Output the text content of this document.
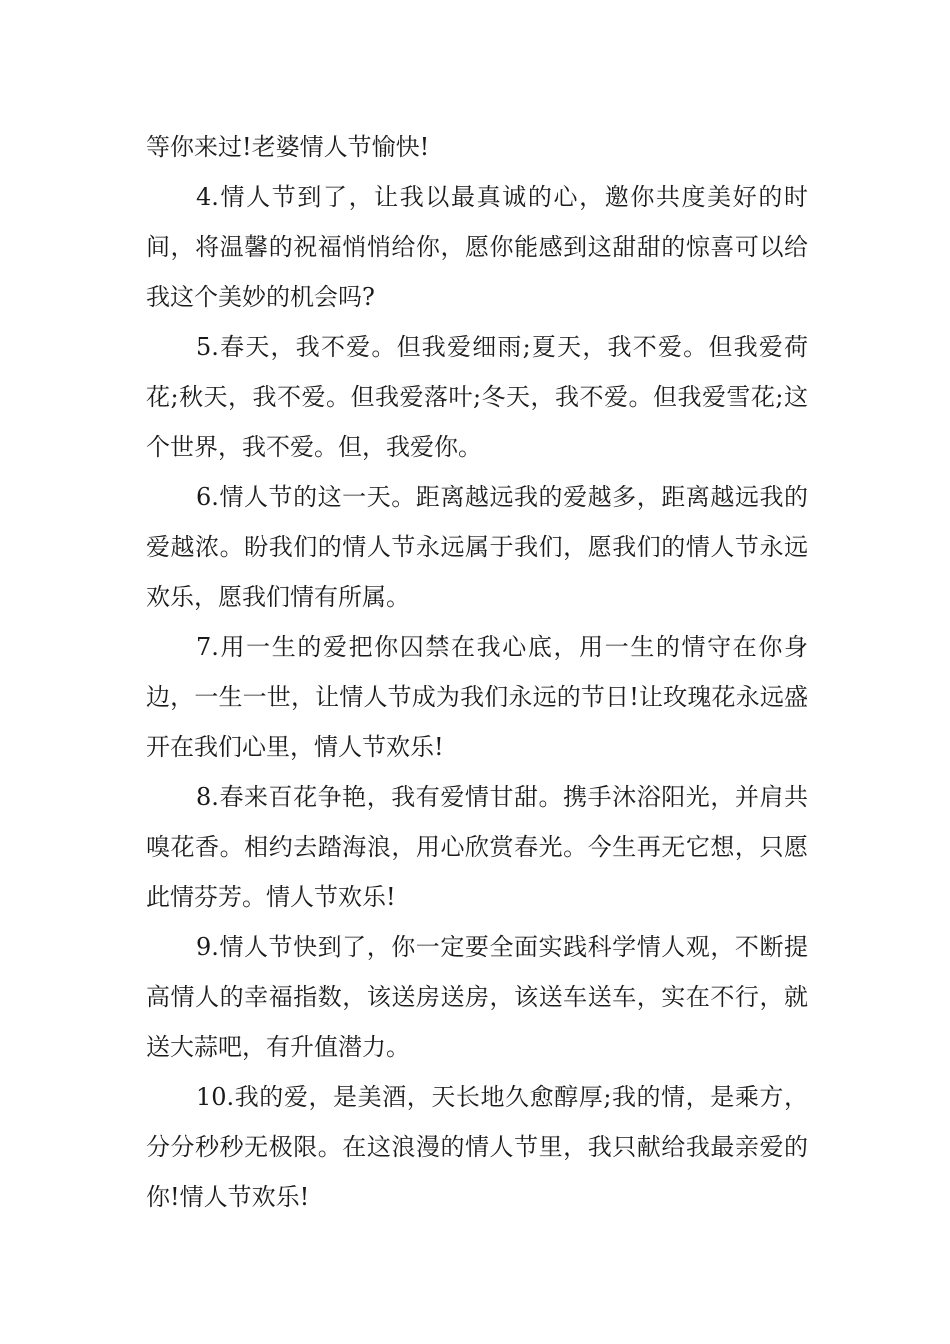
等你来过!老婆情人节愉快!

4.情人节到了，让我以最真诚的心，邀你共度美好的时间，将温馨的祝福悄悄给你，愿你能感到这甜甜的惊喜可以给我这个美妙的机会吗?

5.春天，我不爱。但我爱细雨;夏天，我不爱。但我爱荷花;秋天，我不爱。但我爱落叶;冬天，我不爱。但我爱雪花;这个世界，我不爱。但，我爱你。

6.情人节的这一天。距离越远我的爱越多，距离越远我的爱越浓。盼我们的情人节永远属于我们，愿我们的情人节永远欢乐，愿我们情有所属。

7.用一生的爱把你囚禁在我心底，用一生的情守在你身边，一生一世，让情人节成为我们永远的节日!让玫瑰花永远盛开在我们心里，情人节欢乐!

8.春来百花争艳，我有爱情甘甜。携手沐浴阳光，并肩共嗅花香。相约去踏海浪，用心欣赏春光。今生再无它想，只愿此情芬芳。情人节欢乐!

9.情人节快到了，你一定要全面实践科学情人观，不断提高情人的幸福指数，该送房送房，该送车送车，实在不行，就送大蒜吧，有升值潜力。

10.我的爱，是美酒，天长地久愈醇厚;我的情，是乘方，分分秒秒无极限。在这浪漫的情人节里，我只献给我最亲爱的你!情人节欢乐!
